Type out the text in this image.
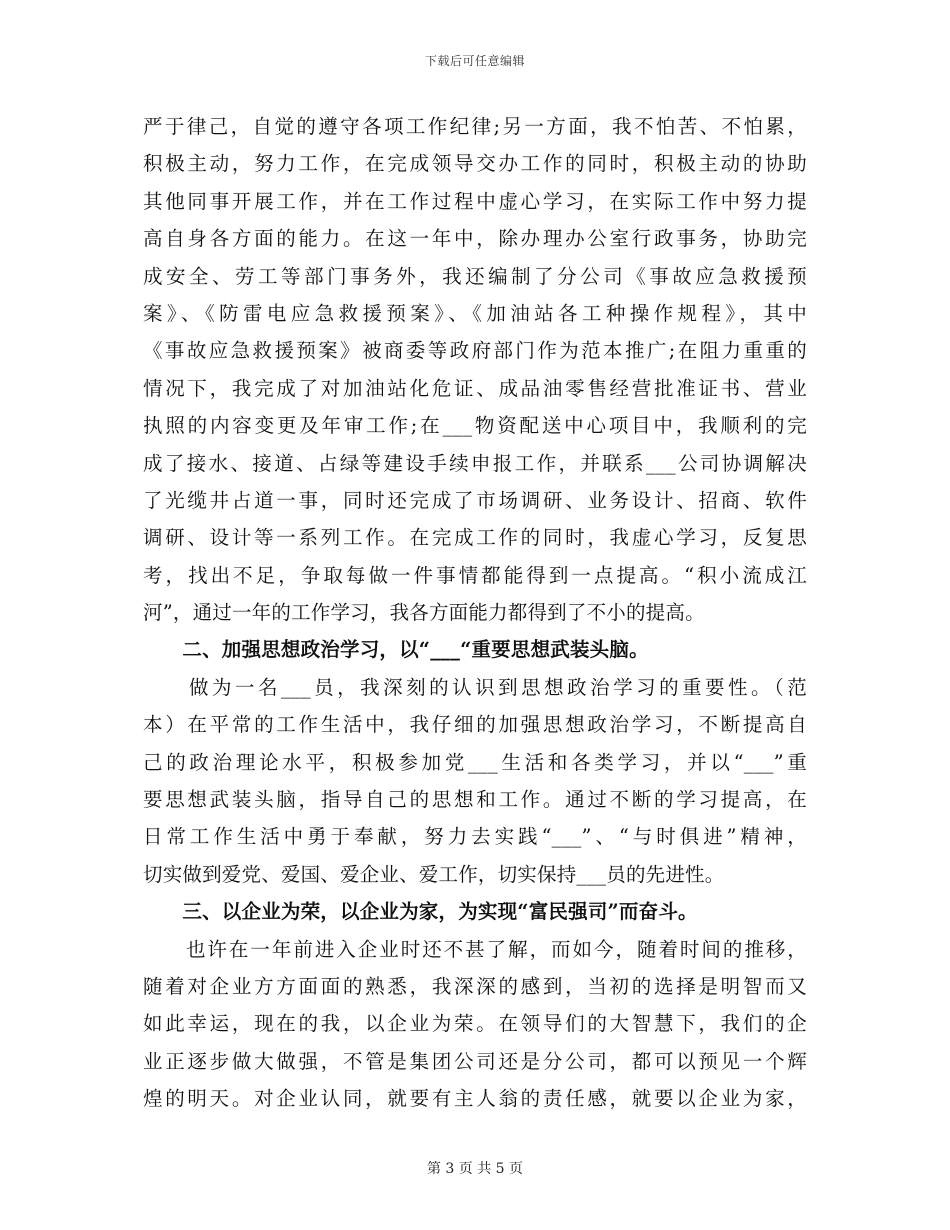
下载后可任意编辑
严于律己，自觉的遵守各项工作纪律;另一方面，我不怕苦、不怕累，
积极主动，努力工作，在完成领导交办工作的同时，积极主动的协助
其他同事开展工作，并在工作过程中虚心学习，在实际工作中努力提
高自身各方面的能力。在这一年中，除办理办公室行政事务，协助完
成安全、劳工等部门事务外，我还编制了分公司《事故应急救援预
案》、《防雷电应急救援预案》、《加油站各工种操作规程》，其中
《事故应急救援预案》被商委等政府部门作为范本推广;在阻力重重的
情况下，我完成了对加油站化危证、成品油零售经营批准证书、营业
执照的内容变更及年审工作;在___物资配送中心项目中，我顺利的完
成了接水、接道、占绿等建设手续申报工作，并联系___公司协调解决
了光缆井占道一事，同时还完成了市场调研、业务设计、招商、软件
调研、设计等一系列工作。在完成工作的同时，我虚心学习，反复思
考，找出不足，争取每做一件事情都能得到一点提高。“积小流成江
河”，通过一年的工作学习，我各方面能力都得到了不小的提高。
　　二、加强思想政治学习，以“___“重要思想武装头脑。
　　做为一名___员，我深刻的认识到思想政治学习的重要性。（范
本）在平常的工作生活中，我仔细的加强思想政治学习，不断提高自
己的政治理论水平，积极参加党___生活和各类学习，并以“___”重
要思想武装头脑，指导自己的思想和工作。通过不断的学习提高，在
日常工作生活中勇于奉献，努力去实践“___”、“与时俱进”精神，
切实做到爱党、爱国、爱企业、爱工作，切实保持___员的先进性。
　　三、以企业为荣，以企业为家，为实现“富民强司”而奋斗。
　　也许在一年前进入企业时还不甚了解，而如今，随着时间的推移，
随着对企业方方面面的熟悉，我深深的感到，当初的选择是明智而又
如此幸运，现在的我，以企业为荣。在领导们的大智慧下，我们的企
业正逐步做大做强，不管是集团公司还是分公司，都可以预见一个辉
煌的明天。对企业认同，就要有主人翁的责任感，就要以企业为家，
第 3 页 共 5 页
